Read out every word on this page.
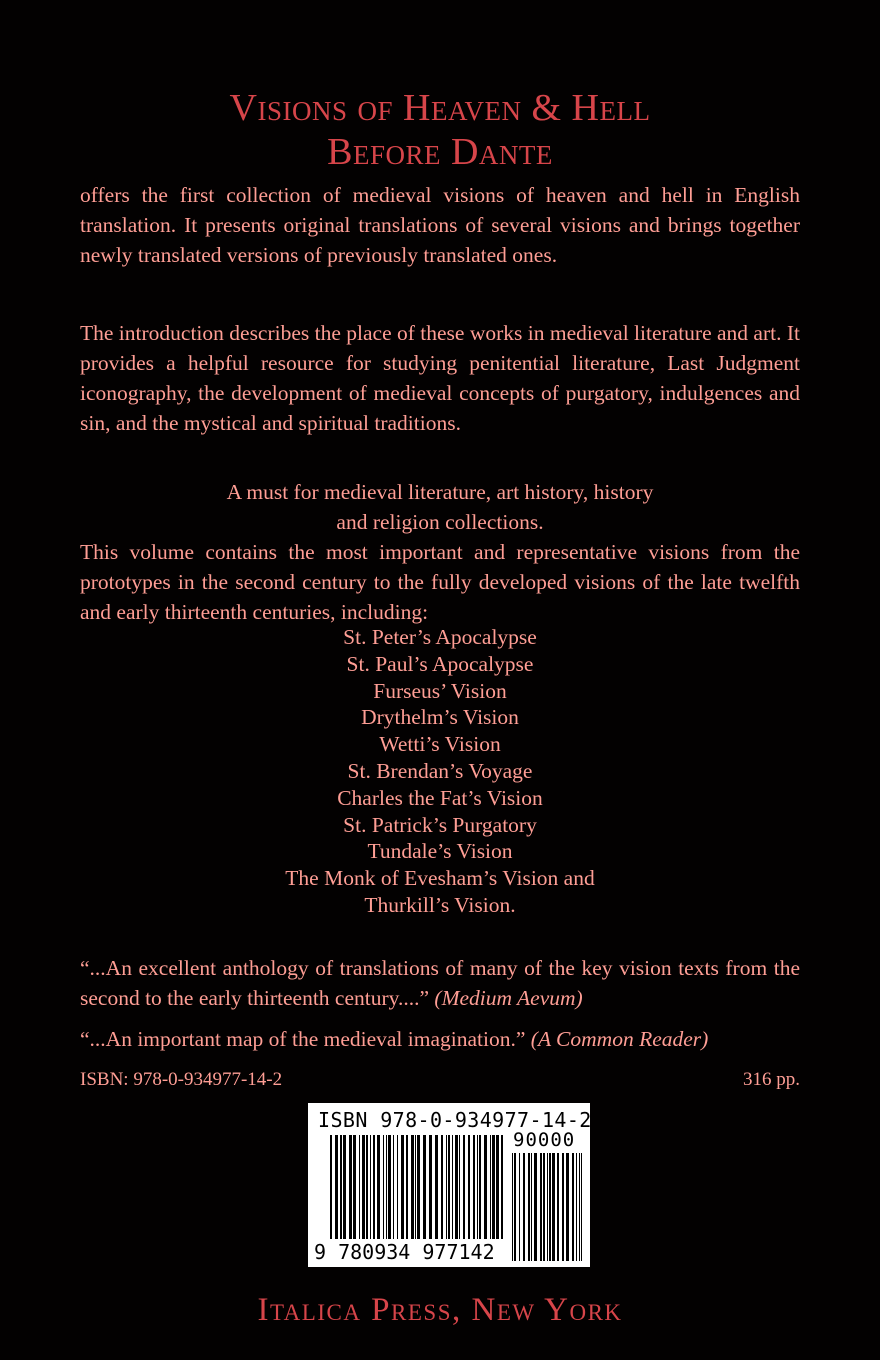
Visions of Heaven & Hell
Before Dante

offers the first collection of medieval visions of heaven and hell in English translation. It presents original translations of several visions and brings together newly translated versions of previously translated ones.

The introduction describes the place of these works in medieval literature and art. It provides a helpful resource for studying penitential literature, Last Judgment iconography, the development of medieval concepts of purgatory, indulgences and sin, and the mystical and spiritual traditions.

A must for medieval literature, art history, history
and religion collections.

This volume contains the most important and representative visions from the prototypes in the second century to the fully developed visions of the late twelfth and early thirteenth centuries, including:

St. Peter’s Apocalypse
St. Paul’s Apocalypse
Furseus’ Vision
Drythelm’s Vision
Wetti’s Vision
St. Brendan’s Voyage
Charles the Fat’s Vision
St. Patrick’s Purgatory
Tundale’s Vision
The Monk of Evesham’s Vision and
Thurkill’s Vision.
“...An excellent anthology of translations of many of the key vision texts from the second to the early thirteenth century....” (Medium Aevum)
“...An important map of the medieval imagination.” (A Common Reader)
ISBN: 978-0-934977-14-2	316 pp.
ISBN 978-0-934977-14-2
90000
9 780934 977142
Italica Press, New York
